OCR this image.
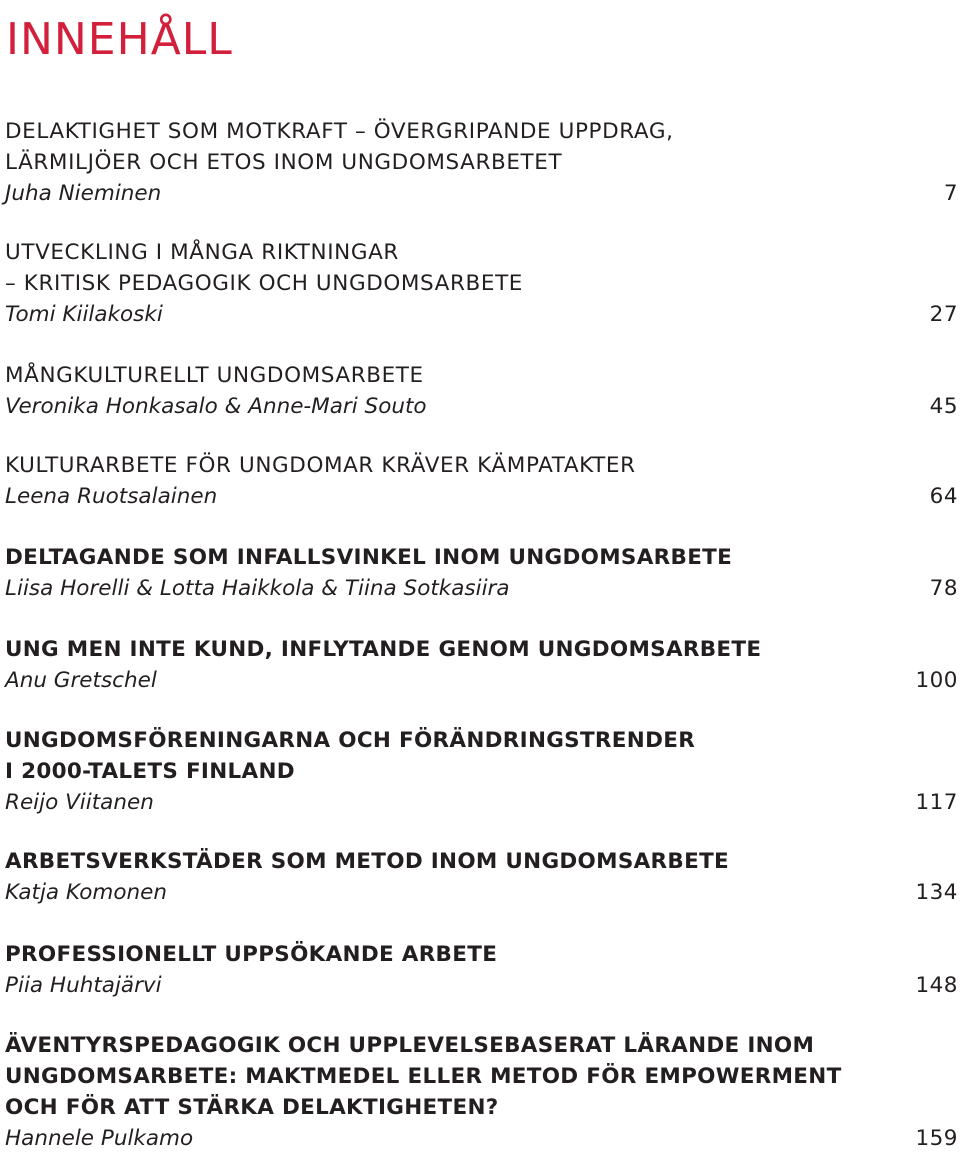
INNEHÅLL
DELAKTIGHET SOM MOTKRAFT – ÖVERGRIPANDE UPPDRAG,
LÄRMILJÖER OCH ETOS INOM UNGDOMSARBETET
Juha Nieminen	7
UTVECKLING I MÅNGA RIKTNINGAR
– KRITISK PEDAGOGIK OCH UNGDOMSARBETE
Tomi Kiilakoski	27
MÅNGKULTURELLT UNGDOMSARBETE
Veronika Honkasalo & Anne-Mari Souto	45
KULTURARBETE FÖR UNGDOMAR KRÄVER KÄMPATAKTER
Leena Ruotsalainen	64
DELTAGANDE SOM INFALLSVINKEL INOM UNGDOMSARBETE
Liisa Horelli & Lotta Haikkola & Tiina Sotkasiira	78
UNG MEN INTE KUND, INFLYTANDE GENOM UNGDOMSARBETE
Anu Gretschel	100
UNGDOMSFÖRENINGARNA OCH FÖRÄNDRINGSTRENDER
I 2000-TALETS FINLAND
Reijo Viitanen	117
ARBETSVERKSTÄDER SOM METOD INOM UNGDOMSARBETE
Katja Komonen	134
PROFESSIONELLT UPPSÖKANDE ARBETE
Piia Huhtajärvi	148
ÄVENTYRSPEDAGOGIK OCH UPPLEVELSEBASERAT LÄRANDE INOM
UNGDOMSARBETE: MAKTMEDEL ELLER METOD FÖR EMPOWERMENT
OCH FÖR ATT STÄRKA DELAKTIGHETEN?
Hannele Pulkamo	159
